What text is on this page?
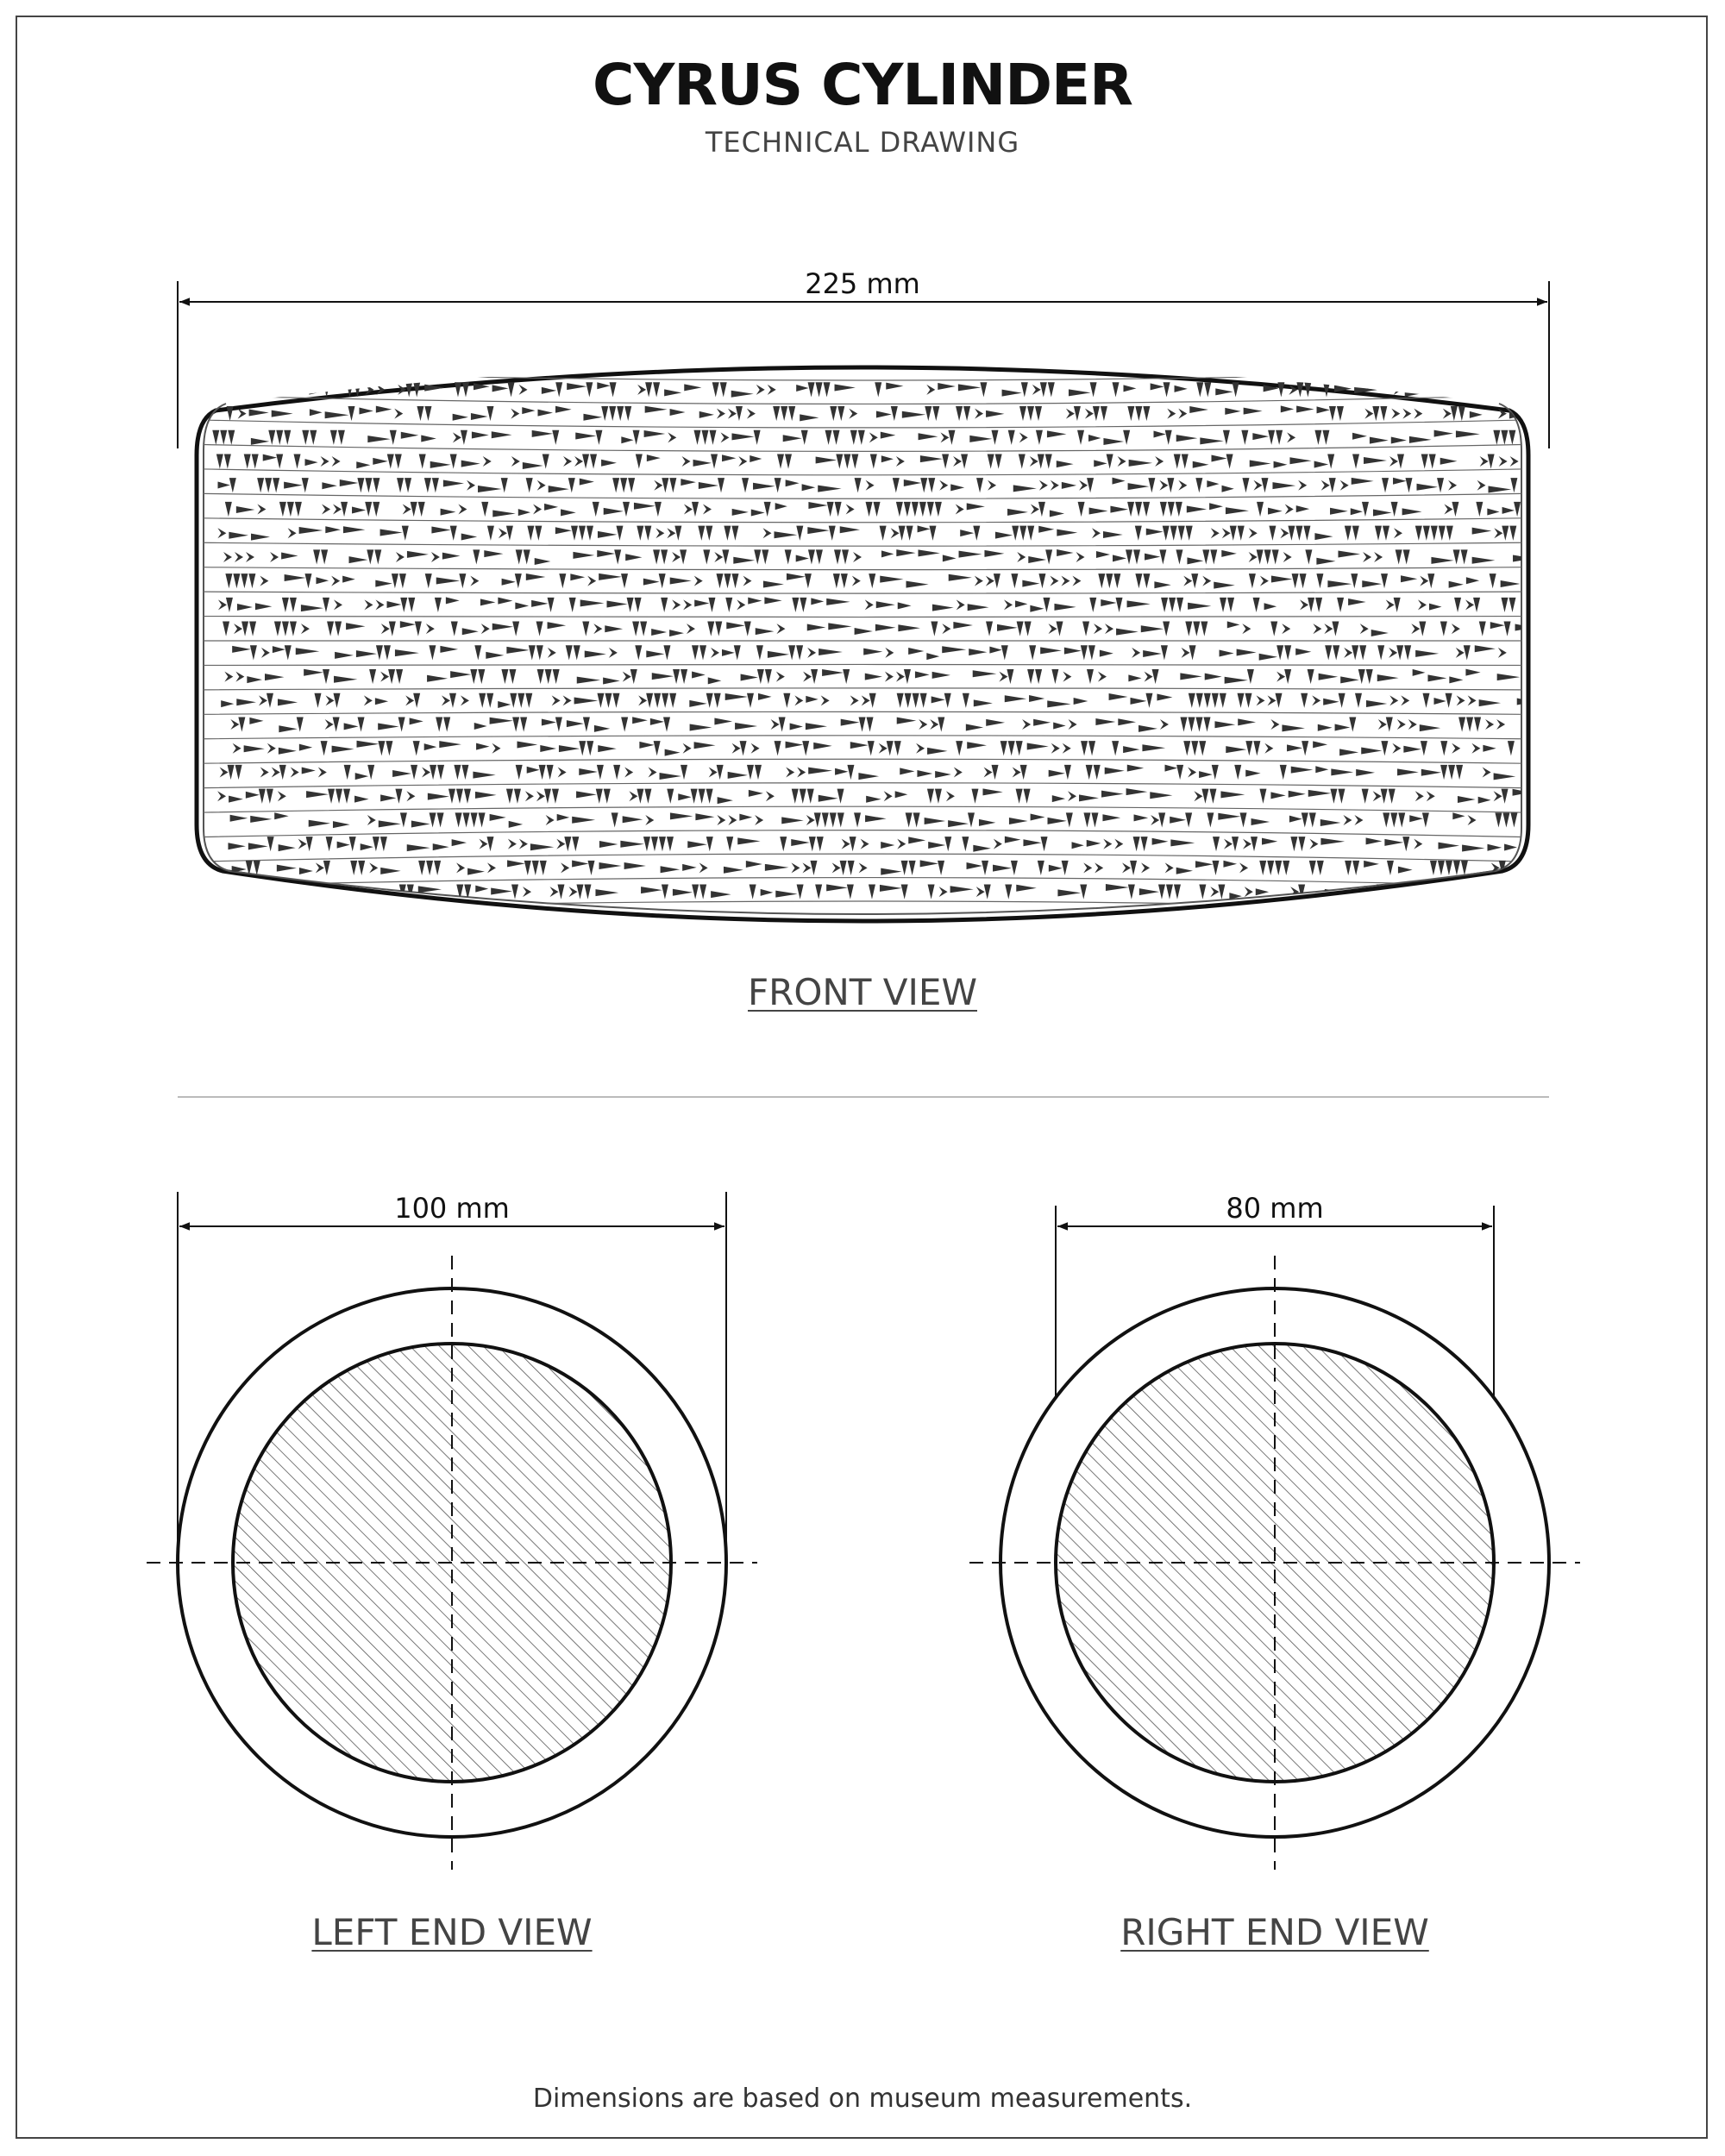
CYRUS CYLINDER
TECHNICAL DRAWING
225 mm
100 mm	80 mm
FRONT VIEW
LEFT END VIEW	RIGHT END VIEW
Dimensions are based on museum measurements.
